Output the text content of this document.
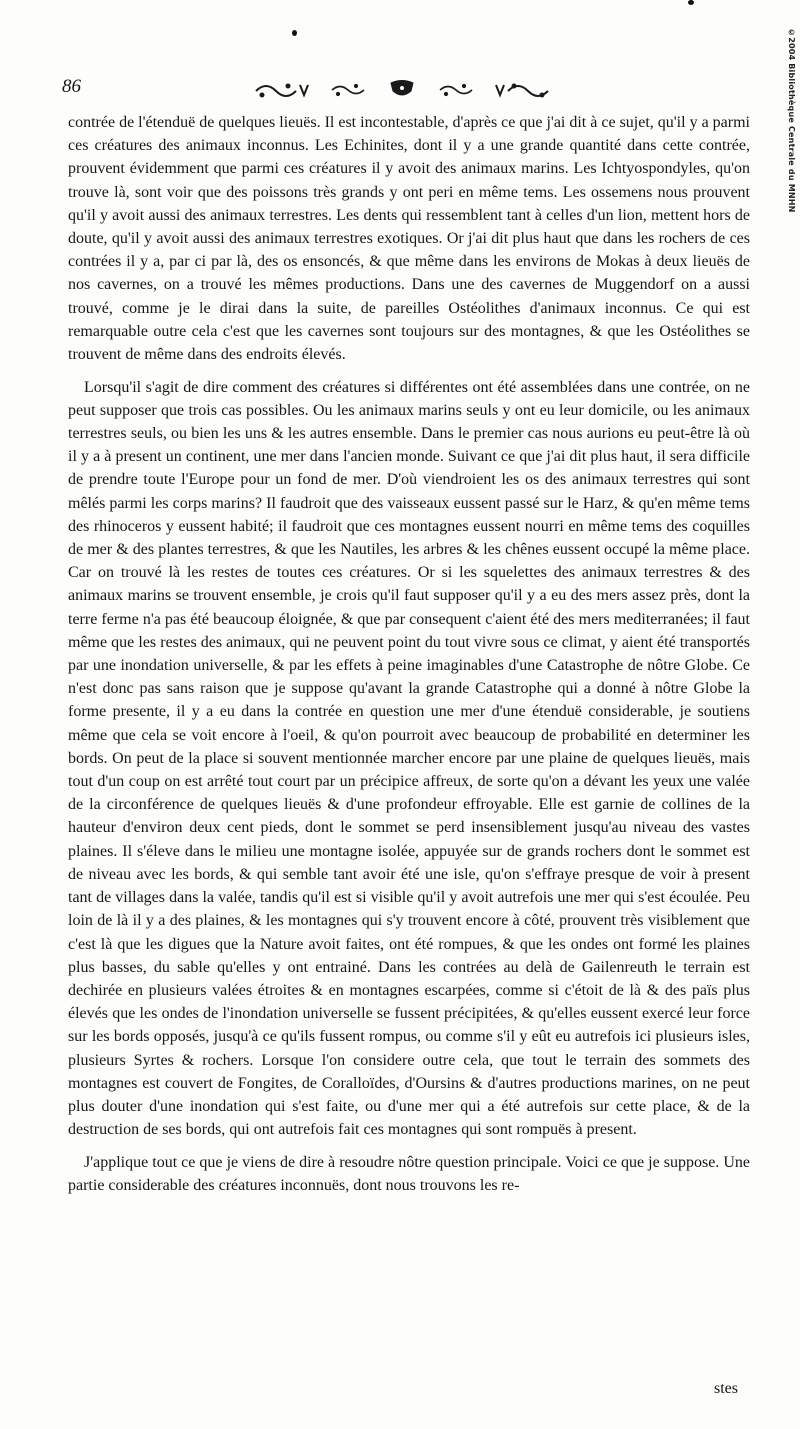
©2004 Bibliothèque Centrale du MNHN
86

contrée de l'étenduë de quelques lieuës. Il est incontestable, d'après ce que j'ai dit à ce sujet, qu'il y a parmi ces créatures des animaux inconnus. Les Echinites, dont il y a une grande quantité dans cette contrée, prouvent évidemment que parmi ces créatures il y avoit des animaux marins. Les Ichtyospondyles, qu'on trouve là, sont voir que des poissons très grands y ont peri en même tems. Les ossemens nous prouvent qu'il y avoit aussi des animaux terrestres. Les dents qui ressemblent tant à celles d'un lion, mettent hors de doute, qu'il y avoit aussi des animaux terrestres exotiques. Or j'ai dit plus haut que dans les rochers de ces contrées il y a, par ci par là, des os ensoncés, & que même dans les environs de Mokas à deux lieuës de nos cavernes, on a trouvé les mêmes productions. Dans une des cavernes de Muggendorf on a aussi trouvé, comme je le dirai dans la suite, de pareilles Ostéolithes d'animaux inconnus. Ce qui est remarquable outre cela c'est que les cavernes sont toujours sur des montagnes, & que les Ostéolithes se trouvent de même dans des endroits élevés.

Lorsqu'il s'agit de dire comment des créatures si différentes ont été assemblées dans une contrée, on ne peut supposer que trois cas possibles. Ou les animaux marins seuls y ont eu leur domicile, ou les animaux terrestres seuls, ou bien les uns & les autres ensemble. Dans le premier cas nous aurions eu peut-être là où il y a à present un continent, une mer dans l'ancien monde. Suivant ce que j'ai dit plus haut, il sera difficile de prendre toute l'Europe pour un fond de mer. D'où viendroient les os des animaux terrestres qui sont mêlés parmi les corps marins? Il faudroit que des vaisseaux eussent passé sur le Harz, & qu'en même tems des rhinoceros y eussent habité; il faudroit que ces montagnes eussent nourri en même tems des coquilles de mer & des plantes terrestres, & que les Nautiles, les arbres & les chênes eussent occupé la même place. Car on trouvé là les restes de toutes ces créatures. Or si les squelettes des animaux terrestres & des animaux marins se trouvent ensemble, je crois qu'il faut supposer qu'il y a eu des mers assez près, dont la terre ferme n'a pas été beaucoup éloignée, & que par consequent c'aient été des mers mediterranées; il faut même que les restes des animaux, qui ne peuvent point du tout vivre sous ce climat, y aient été transportés par une inondation universelle, & par les effets à peine imaginables d'une Catastrophe de nôtre Globe. Ce n'est donc pas sans raison que je suppose qu'avant la grande Catastrophe qui a donné à nôtre Globe la forme presente, il y a eu dans la contrée en question une mer d'une étenduë considerable, je soutiens même que cela se voit encore à l'oeil, & qu'on pourroit avec beaucoup de probabilité en determiner les bords. On peut de la place si souvent mentionnée marcher encore par une plaine de quelques lieuës, mais tout d'un coup on est arrêté tout court par un précipice affreux, de sorte qu'on a dévant les yeux une valée de la circonférence de quelques lieuës & d'une profondeur effroyable. Elle est garnie de collines de la hauteur d'environ deux cent pieds, dont le sommet se perd insensiblement jusqu'au niveau des vastes plaines. Il s'éleve dans le milieu une montagne isolée, appuyée sur de grands rochers dont le sommet est de niveau avec les bords, & qui semble tant avoir été une isle, qu'on s'effraye presque de voir à present tant de villages dans la valée, tandis qu'il est si visible qu'il y avoit autrefois une mer qui s'est écoulée. Peu loin de là il y a des plaines, & les montagnes qui s'y trouvent encore à côté, prouvent très visiblement que c'est là que les digues que la Nature avoit faites, ont été rompues, & que les ondes ont formé les plaines plus basses, du sable qu'elles y ont entrainé. Dans les contrées au delà de Gailenreuth le terrain est dechirée en plusieurs valées étroites & en montagnes escarpées, comme si c'étoit de là & des païs plus élevés que les ondes de l'inondation universelle se fussent précipitées, & qu'elles eussent exercé leur force sur les bords opposés, jusqu'à ce qu'ils fussent rompus, ou comme s'il y eût eu autrefois ici plusieurs isles, plusieurs Syrtes & rochers. Lorsque l'on considere outre cela, que tout le terrain des sommets des montagnes est couvert de Fongites, de Coralloïdes, d'Oursins & d'autres productions marines, on ne peut plus douter d'une inondation qui s'est faite, ou d'une mer qui a été autrefois sur cette place, & de la destruction de ses bords, qui ont autrefois fait ces montagnes qui sont rompuës à present.

J'applique tout ce que je viens de dire à resoudre nôtre question principale. Voici ce que je suppose. Une partie considerable des créatures inconnuës, dont nous trouvons les re-

stes
